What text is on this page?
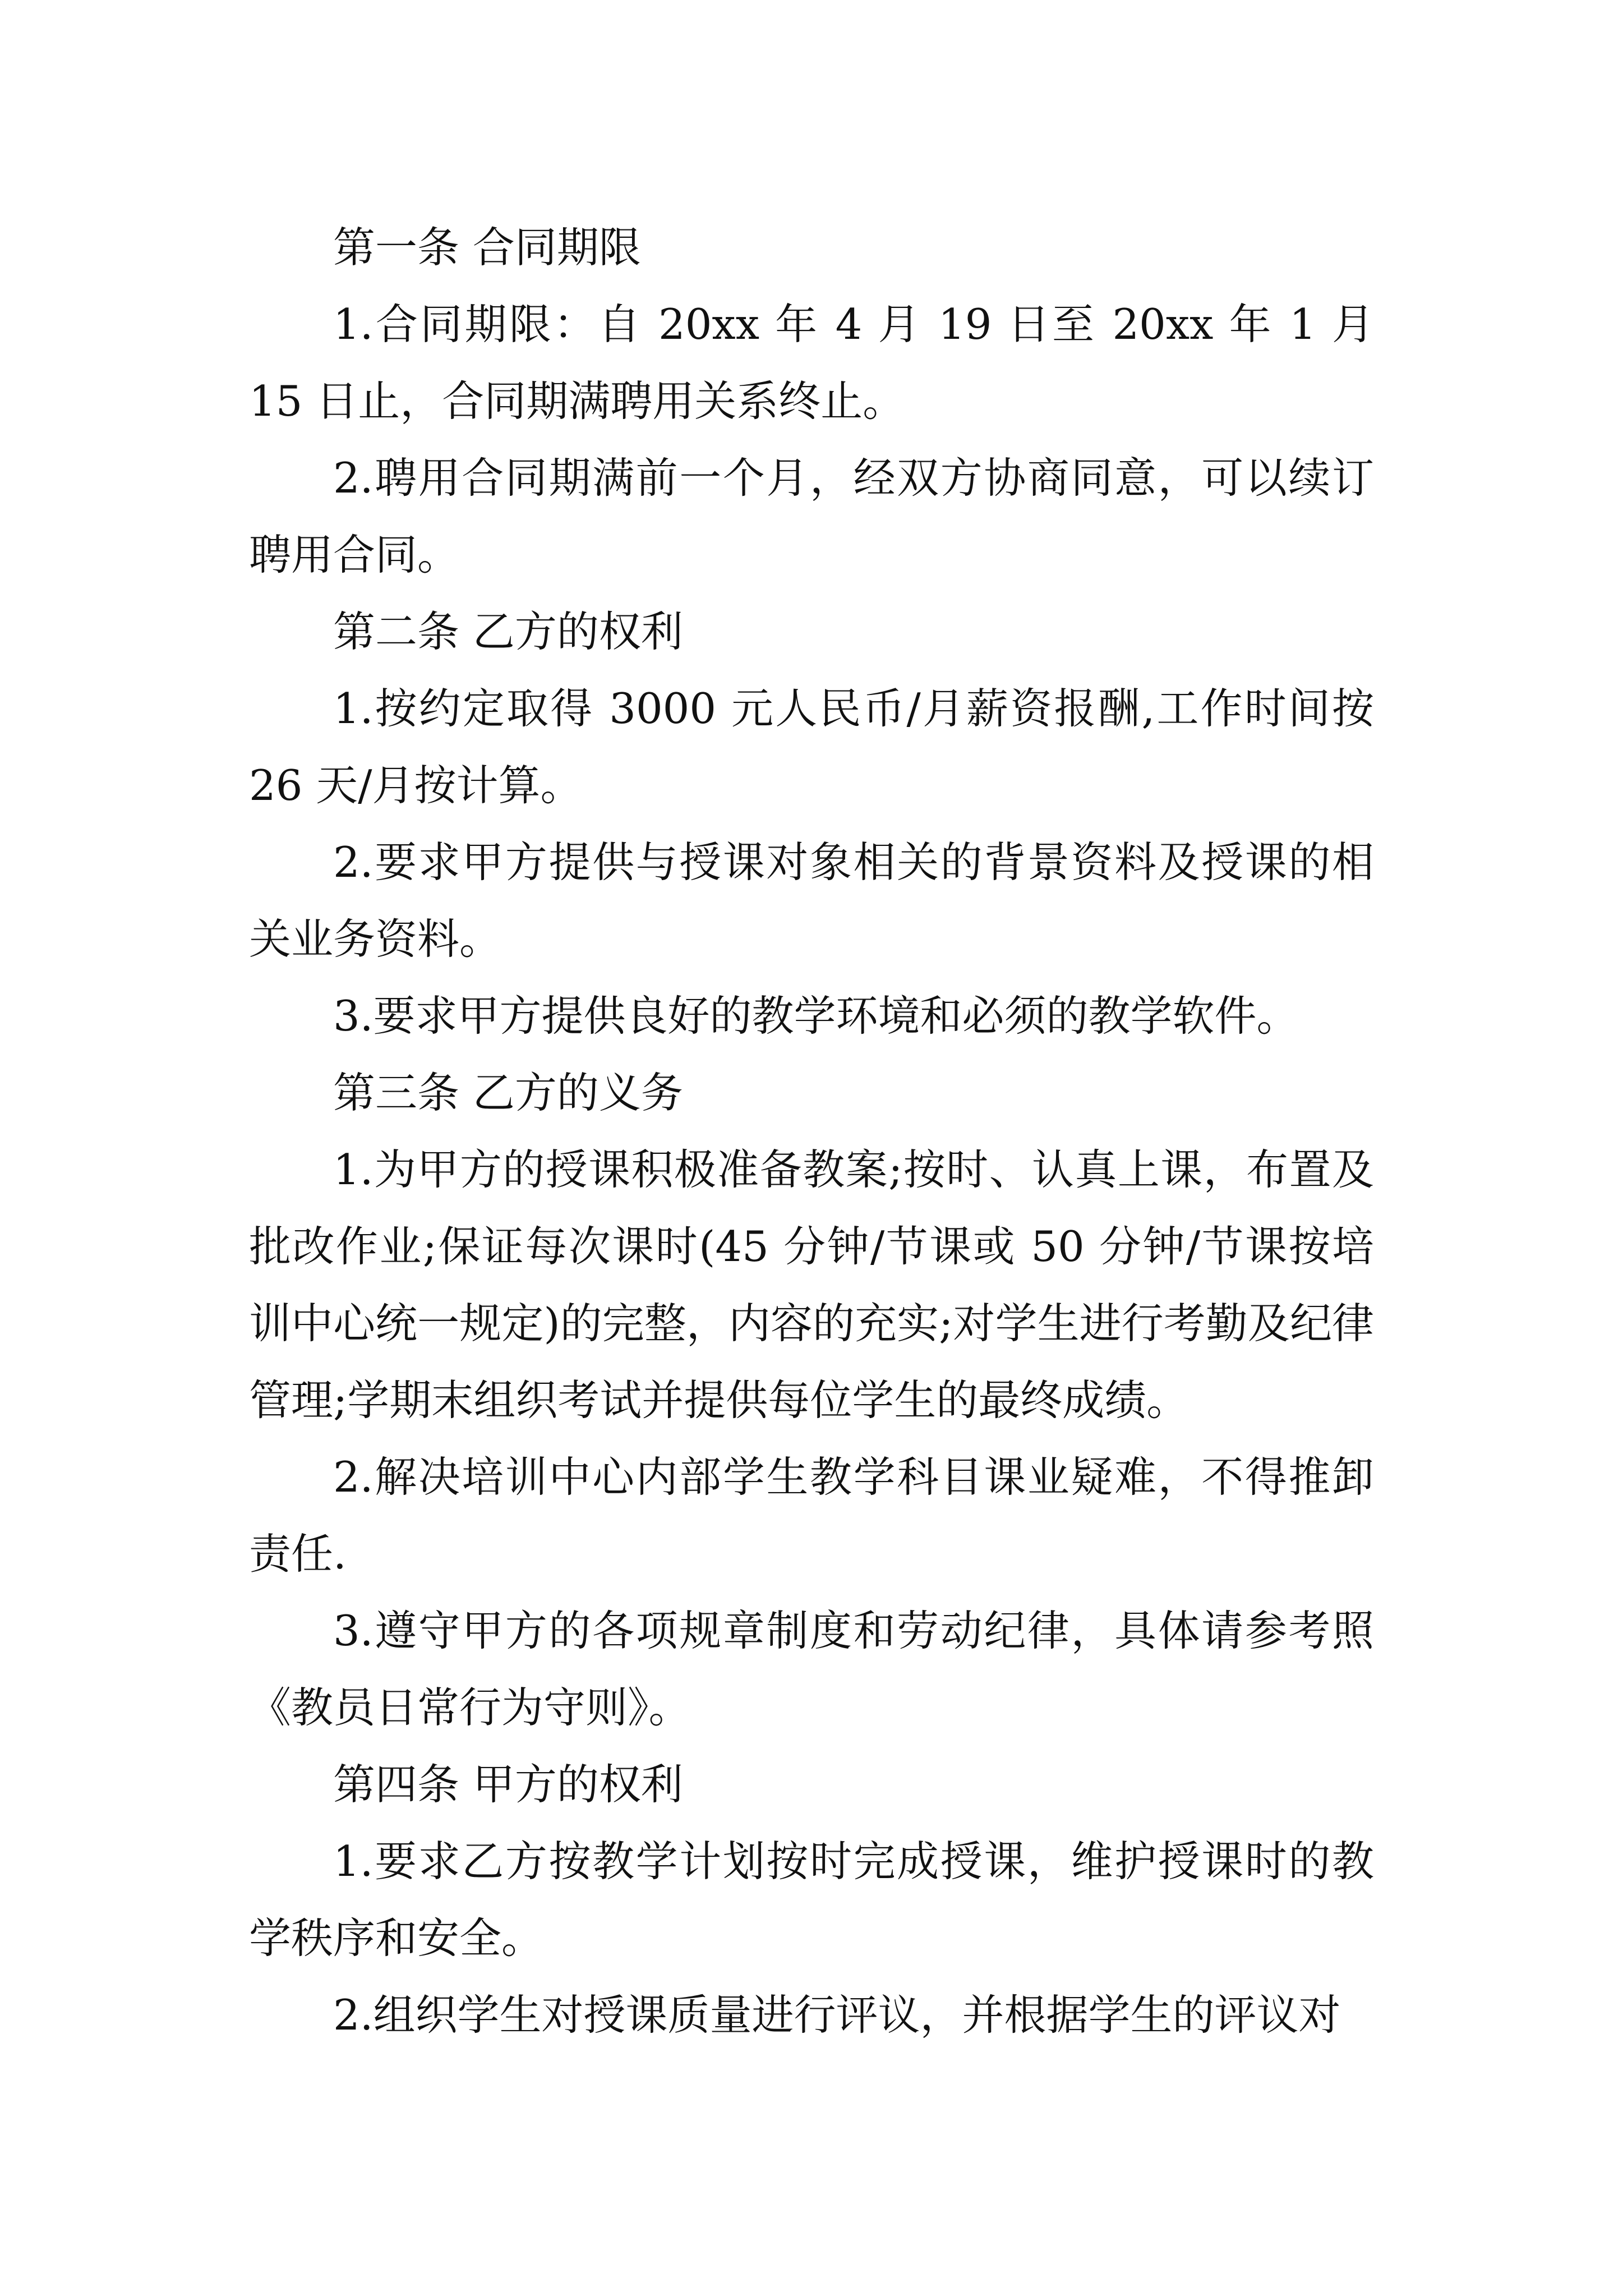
第一条 合同期限

1.合同期限：自 20xx 年 4 月 19 日至 20xx 年 1 月 15 日止，合同期满聘用关系终止。

2.聘用合同期满前一个月，经双方协商同意，可以续订聘用合同。

第二条 乙方的权利

1.按约定取得 3000 元人民币/月薪资报酬,工作时间按 26 天/月按计算。

2.要求甲方提供与授课对象相关的背景资料及授课的相关业务资料。

3.要求甲方提供良好的教学环境和必须的教学软件。

第三条 乙方的义务

1.为甲方的授课积极准备教案;按时、认真上课，布置及批改作业;保证每次课时(45 分钟/节课或 50 分钟/节课按培训中心统一规定)的完整，内容的充实;对学生进行考勤及纪律管理;学期末组织考试并提供每位学生的最终成绩。

2.解决培训中心内部学生教学科目课业疑难，不得推卸责任.

3.遵守甲方的各项规章制度和劳动纪律，具体请参考照《教员日常行为守则》。

第四条 甲方的权利

1.要求乙方按教学计划按时完成授课，维护授课时的教学秩序和安全。

2.组织学生对授课质量进行评议，并根据学生的评议对
